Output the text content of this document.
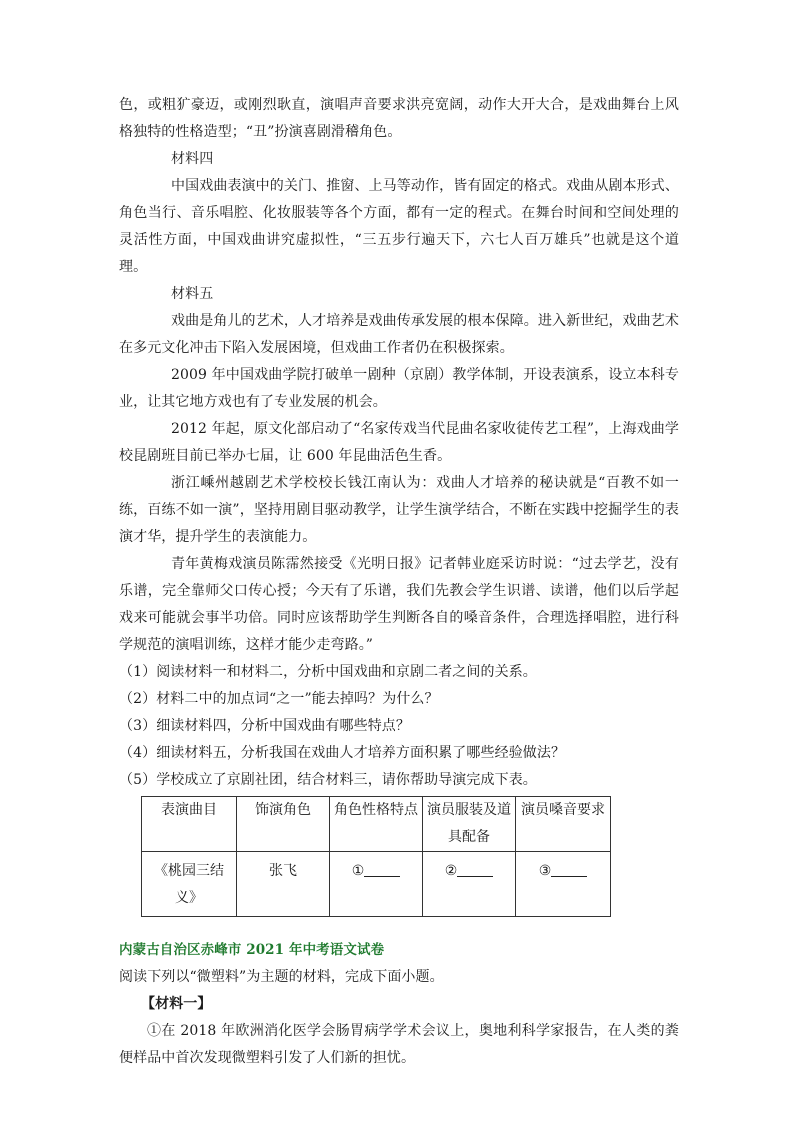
色，或粗犷豪迈，或刚烈耿直，演唱声音要求洪亮宽阔，动作大开大合，是戏曲舞台上风格独特的性格造型；“丑”扮演喜剧滑稽角色。

材料四

中国戏曲表演中的关门、推窗、上马等动作，皆有固定的格式。戏曲从剧本形式、角色当行、音乐唱腔、化妆服装等各个方面，都有一定的程式。在舞台时间和空间处理的灵活性方面，中国戏曲讲究虚拟性，“三五步行遍天下，六七人百万雄兵”也就是这个道理。

材料五

戏曲是角儿的艺术，人才培养是戏曲传承发展的根本保障。进入新世纪，戏曲艺术在多元文化冲击下陷入发展困境，但戏曲工作者仍在积极探索。

2009 年中国戏曲学院打破单一剧种（京剧）教学体制，开设表演系，设立本科专业，让其它地方戏也有了专业发展的机会。

2012 年起，原文化部启动了“名家传戏当代昆曲名家收徒传艺工程”，上海戏曲学校昆剧班目前已举办七届，让 600 年昆曲活色生香。

浙江嵊州越剧艺术学校校长钱江南认为：戏曲人才培养的秘诀就是“百教不如一练，百练不如一演”，坚持用剧目驱动教学，让学生演学结合，不断在实践中挖掘学生的表演才华，提升学生的表演能力。

青年黄梅戏演员陈霈然接受《光明日报》记者韩业庭采访时说：“过去学艺，没有乐谱，完全靠师父口传心授；今天有了乐谱，我们先教会学生识谱、读谱，他们以后学起戏来可能就会事半功倍。同时应该帮助学生判断各自的嗓音条件，合理选择唱腔，进行科学规范的演唱训练，这样才能少走弯路。”

（1）阅读材料一和材料二，分析中国戏曲和京剧二者之间的关系。

（2）材料二中的加点词“之一”能去掉吗？为什么？

（3）细读材料四，分析中国戏曲有哪些特点？

（4）细读材料五，分析我国在戏曲人才培养方面积累了哪些经验做法？

（5）学校成立了京剧社团，结合材料三，请你帮助导演完成下表。

表演曲目	饰演角色	角色性格特点	演员服装及道具配备	演员嗓音要求
《桃园三结义》	张飞	①	②	③

内蒙古自治区赤峰市 2021 年中考语文试卷

阅读下列以“微塑料”为主题的材料，完成下面小题。

【材料一】

①在 2018 年欧洲消化医学会肠胃病学学术会议上，奥地利科学家报告，在人类的粪便样品中首次发现微塑料引发了人们新的担忧。
